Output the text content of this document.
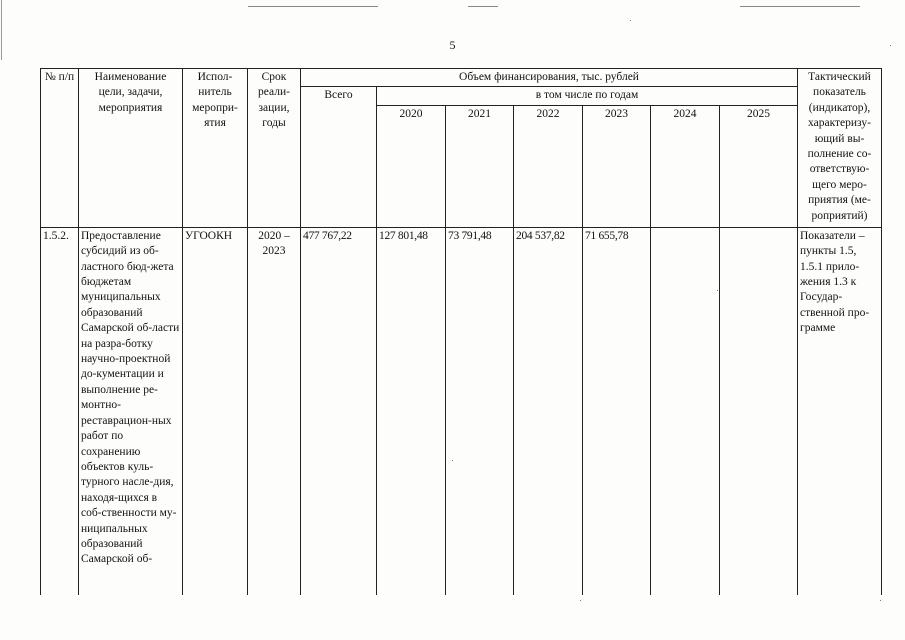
5
№ п/п	Наименование цели, задачи, мероприятия	Испол-нитель меропри-ятия	Срок реали-зации, годы	Объем финансирования, тыс. рублей							Тактический показатель (индикатор), характеризу-ющий вы-полнение со-ответствую-щего меро-приятия (ме-роприятий)
				Всего	в том числе по годам						
					2020	2021	2022	2023	2024	2025	
1.5.2.	Предоставление субсидий из об-ластного бюд-жета бюджетам муниципальных образований Самарской об-ласти на разра-ботку научно-проектной до-кументации и выполнение ре-монтно-реставрацион-ных работ по сохранению объектов куль-турного насле-дия, находя-щихся в соб-ственности му-ниципальных образований Самарской об-	УГООКН	2020 – 2023	477 767,22	127 801,48	73 791,48	204 537,82	71 655,78			Показатели – пункты 1.5, 1.5.1 прило-жения 1.3 к Государ-ственной про-грамме
